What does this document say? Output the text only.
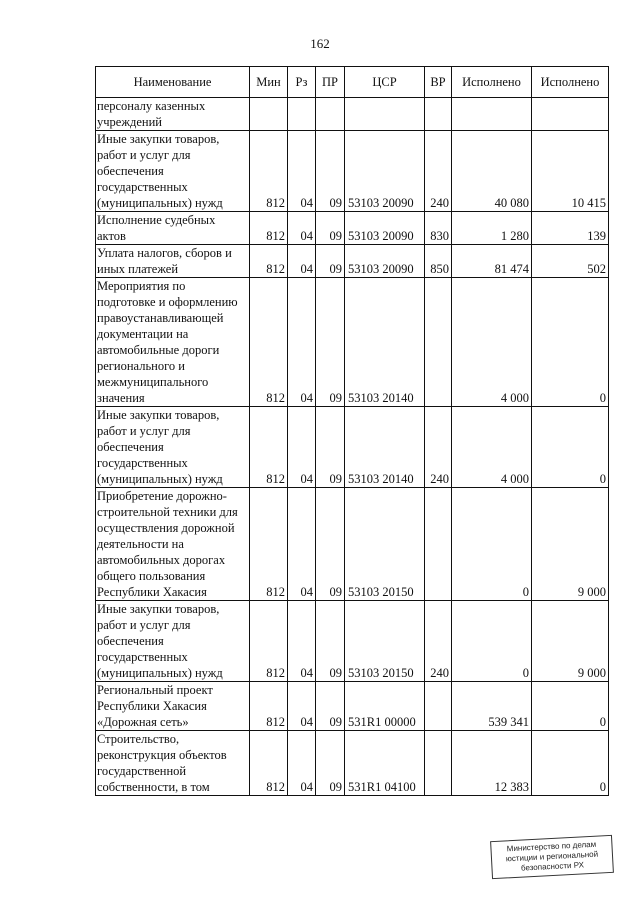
162
Наименование	Мин	Рз	ПР	ЦСР	ВР	Исполнено	Исполнено
персоналу казенных учреждений							
Иные закупки товаров, работ и услуг для обеспечения государственных (муниципальных) нужд	812	04	09	53103 20090	240	40 080	10 415
Исполнение судебных актов	812	04	09	53103 20090	830	1 280	139
Уплата налогов, сборов и иных платежей	812	04	09	53103 20090	850	81 474	502
Мероприятия по подготовке и оформлению правоустанавливающей документации на автомобильные дороги регионального и межмуниципального значения	812	04	09	53103 20140		4 000	0
Иные закупки товаров, работ и услуг для обеспечения государственных (муниципальных) нужд	812	04	09	53103 20140	240	4 000	0
Приобретение дорожно-строительной техники для осуществления дорожной деятельности на автомобильных дорогах общего пользования Республики Хакасия	812	04	09	53103 20150		0	9 000
Иные закупки товаров, работ и услуг для обеспечения государственных (муниципальных) нужд	812	04	09	53103 20150	240	0	9 000
Региональный проект Республики Хакасия «Дорожная сеть»	812	04	09	531R1 00000		539 341	0
Строительство, реконструкция объектов государственной собственности, в том	812	04	09	531R1 04100		12 383	0
Министерство по делам
юстиции и региональной
безопасности РХ
